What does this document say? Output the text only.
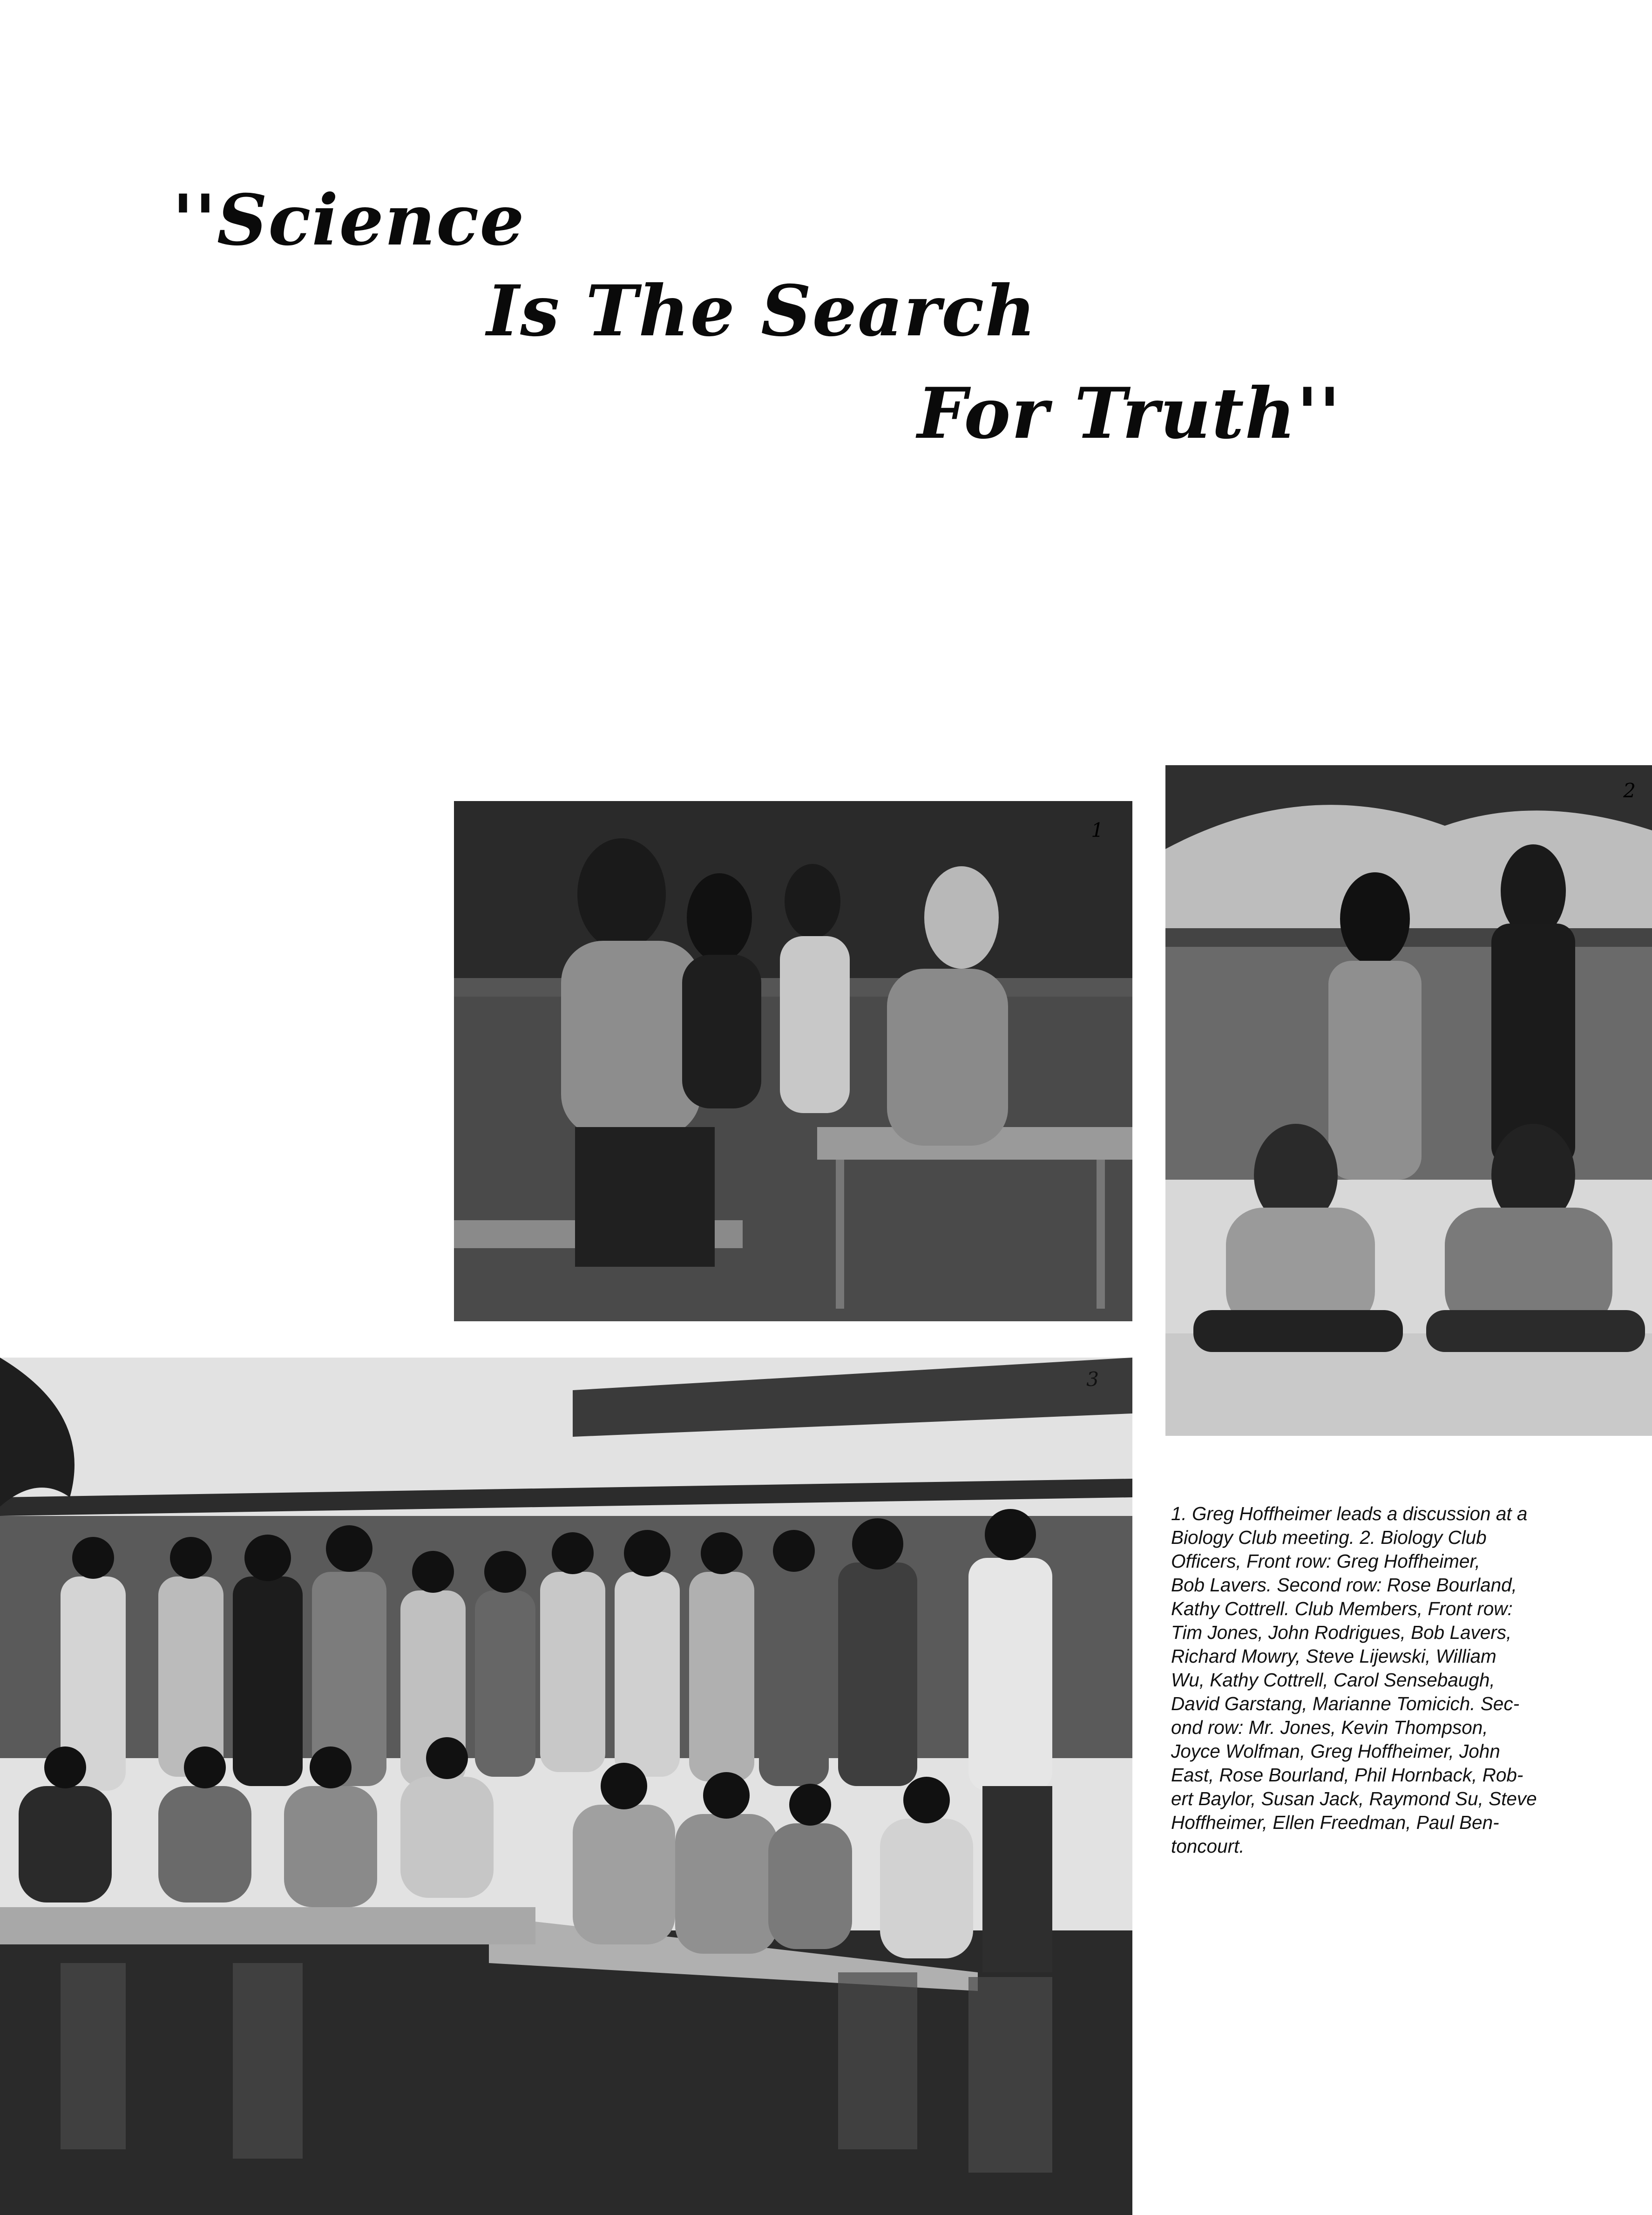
''Science
Is The Search
For Truth''
1
2
3

1. Greg Hoffheimer leads a discussion at a

Biology Club meeting. 2. Biology Club

Officers, Front row: Greg Hoffheimer,

Bob Lavers. Second row: Rose Bourland,

Kathy Cottrell. Club Members, Front row:

Tim Jones, John Rodrigues, Bob Lavers,

Richard Mowry, Steve Lijewski, William

Wu, Kathy Cottrell, Carol Sensebaugh,

David Garstang, Marianne Tomicich. Sec-

ond row: Mr. Jones, Kevin Thompson,

Joyce Wolfman, Greg Hoffheimer, John

East, Rose Bourland, Phil Hornback, Rob-

ert Baylor, Susan Jack, Raymond Su, Steve

Hoffheimer, Ellen Freedman, Paul Ben-

toncourt.
